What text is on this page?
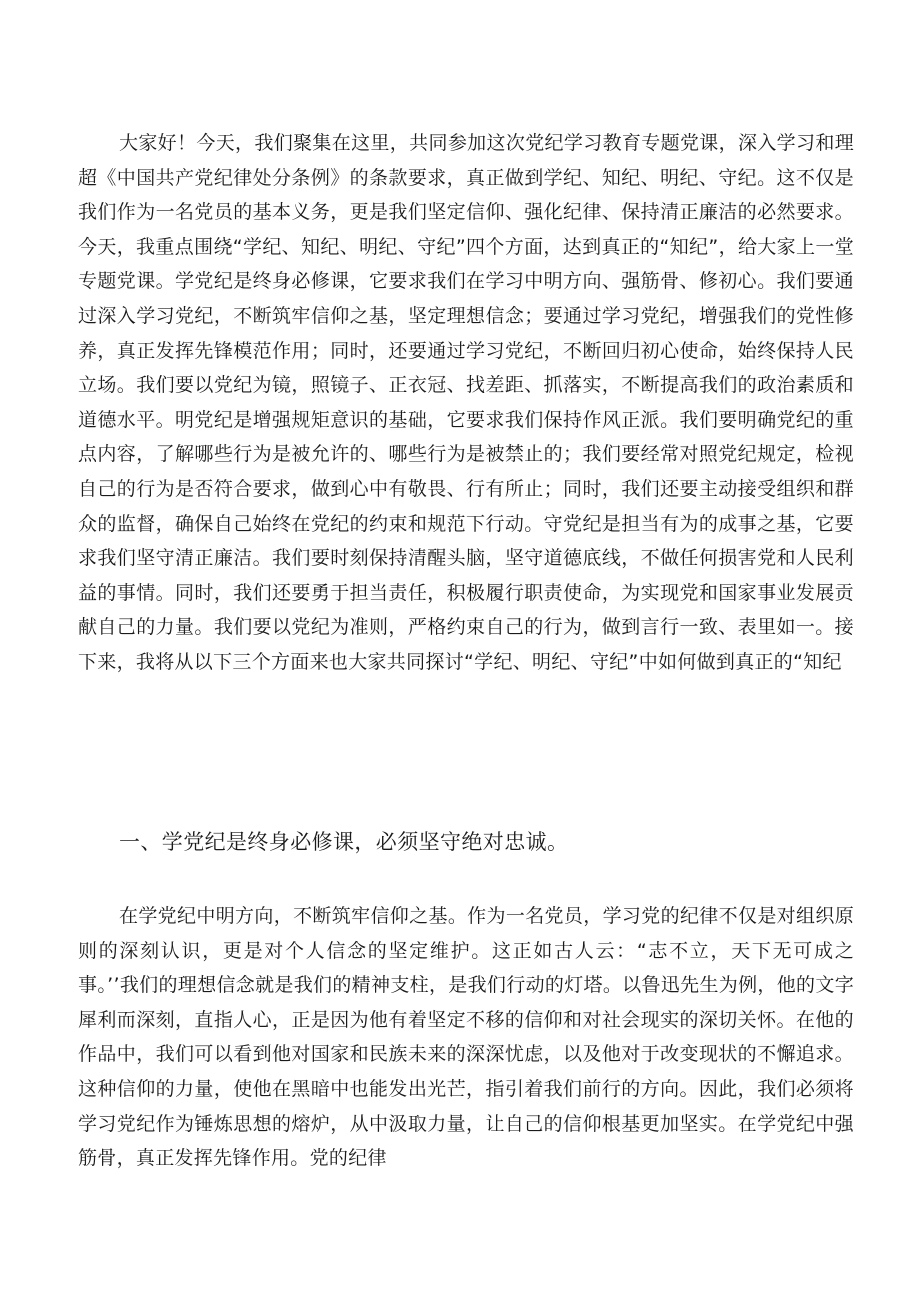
大家好！今天，我们聚集在这里，共同参加这次党纪学习教育专题党课，深入学习和理超《中国共产党纪律处分条例》的条款要求，真正做到学纪、知纪、明纪、守纪。这不仅是我们作为一名党员的基本义务，更是我们坚定信仰、强化纪律、保持清正廉洁的必然要求。今天，我重点围绕“学纪、知纪、明纪、守纪”四个方面，达到真正的“知纪”，给大家上一堂专题党课。学党纪是终身必修课，它要求我们在学习中明方向、强筋骨、修初心。我们要通过深入学习党纪，不断筑牢信仰之基，坚定理想信念；要通过学习党纪，增强我们的党性修养，真正发挥先锋模范作用；同时，还要通过学习党纪，不断回归初心使命，始终保持人民立场。我们要以党纪为镜，照镜子、正衣冠、找差距、抓落实，不断提高我们的政治素质和道德水平。明党纪是增强规矩意识的基础，它要求我们保持作风正派。我们要明确党纪的重点内容，了解哪些行为是被允许的、哪些行为是被禁止的；我们要经常对照党纪规定，检视自己的行为是否符合要求，做到心中有敬畏、行有所止；同时，我们还要主动接受组织和群众的监督，确保自己始终在党纪的约束和规范下行动。守党纪是担当有为的成事之基，它要求我们坚守清正廉洁。我们要时刻保持清醒头脑，坚守道德底线，不做任何损害党和人民利益的事情。同时，我们还要勇于担当责任，积极履行职责使命，为实现党和国家事业发展贡献自己的力量。我们要以党纪为准则，严格约束自己的行为，做到言行一致、表里如一。接下来，我将从以下三个方面来也大家共同探讨“学纪、明纪、守纪”中如何做到真正的“知纪

一、学党纪是终身必修课，必须坚守绝对忠诚。

在学党纪中明方向，不断筑牢信仰之基。作为一名党员，学习党的纪律不仅是对组织原则的深刻认识，更是对个人信念的坚定维护。这正如古人云：“志不立，天下无可成之事。’’我们的理想信念就是我们的精神支柱，是我们行动的灯塔。以鲁迅先生为例，他的文字犀利而深刻，直指人心，正是因为他有着坚定不移的信仰和对社会现实的深切关怀。在他的作品中，我们可以看到他对国家和民族未来的深深忧虑，以及他对于改变现状的不懈追求。这种信仰的力量，使他在黑暗中也能发出光芒，指引着我们前行的方向。因此，我们必须将学习党纪作为锤炼思想的熔炉，从中汲取力量，让自己的信仰根基更加坚实。在学党纪中强筋骨，真正发挥先锋作用。党的纪律
